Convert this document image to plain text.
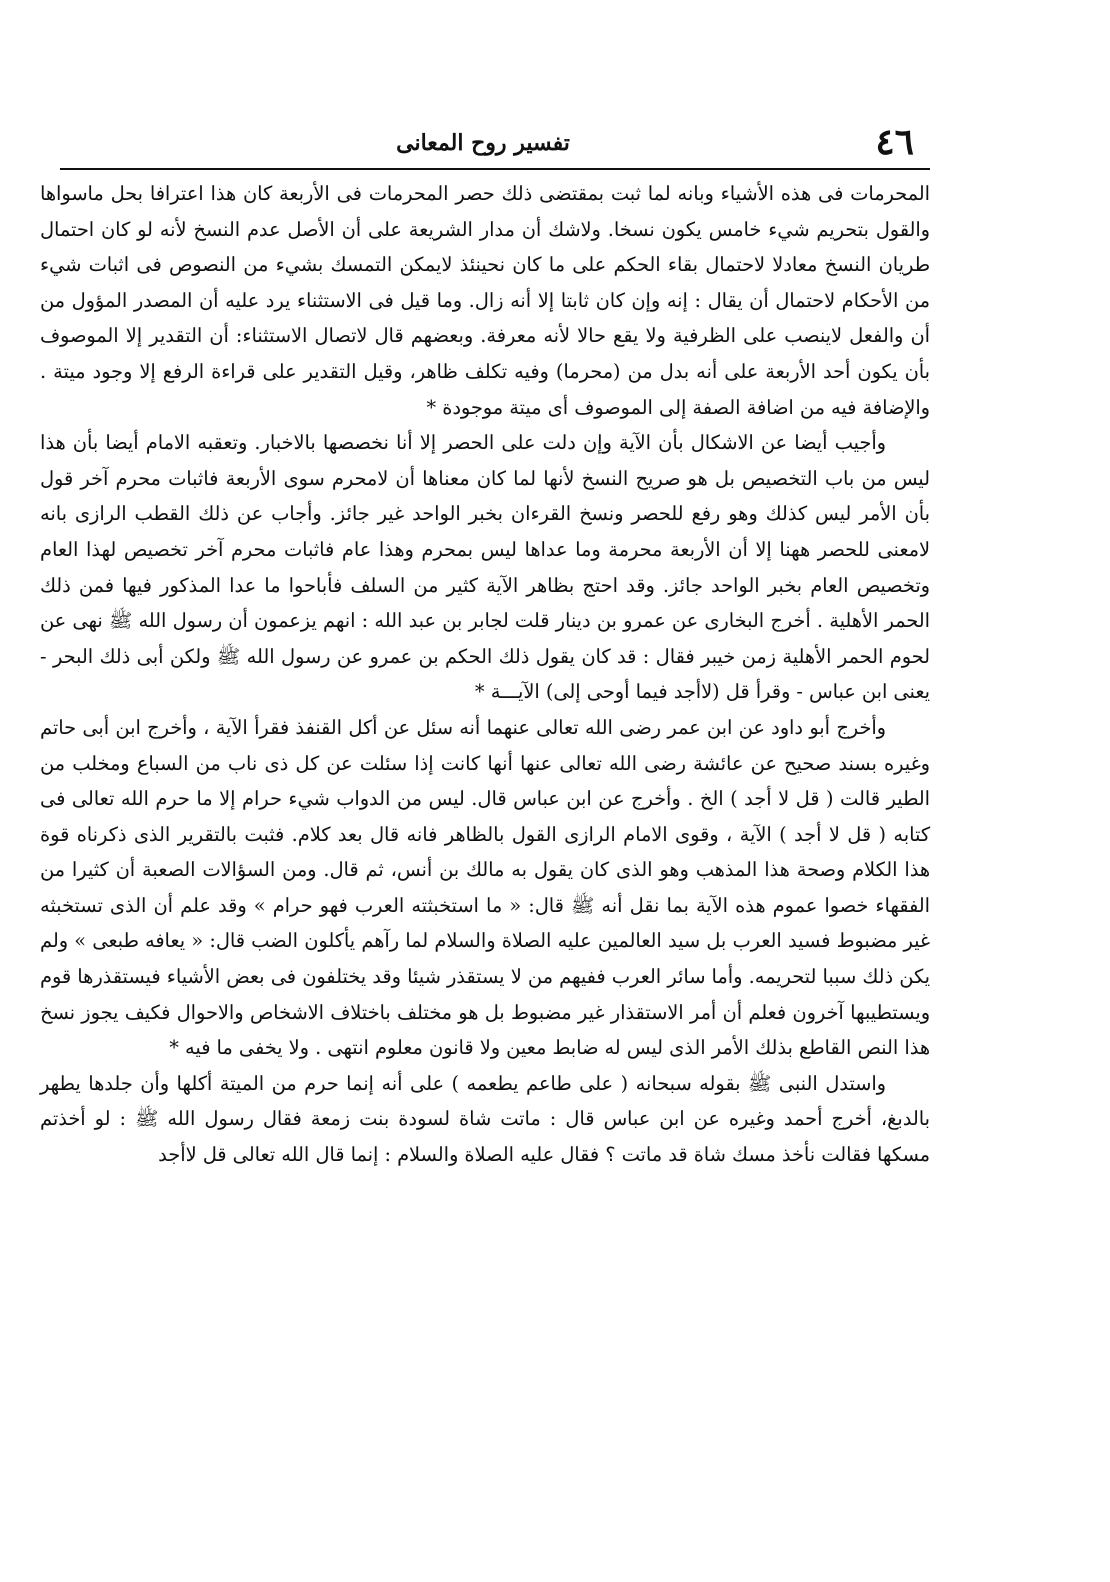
٤٦
تفسير روح المعانى

المحرمات فى هذه الأشياء وبانه لما ثبت بمقتضى ذلك حصر المحرمات فى الأربعة كان هذا اعترافا بحل ماسواها والقول بتحريم شيء خامس يكون نسخا. ولاشك أن مدار الشريعة على أن الأصل عدم النسخ لأنه لو كان احتمال طريان النسخ معادلا لاحتمال بقاء الحكم على ما كان نحينئذ لايمكن التمسك بشيء من النصوص فى اثبات شيء من الأحكام لاحتمال أن يقال : إنه وإن كان ثابتا إلا أنه زال. وما قيل فى الاستثناء يرد عليه أن المصدر المؤول من أن والفعل لاينصب على الظرفية ولا يقع حالا لأنه معرفة. وبعضهم قال لاتصال الاستثناء: أن التقدير إلا الموصوف بأن يكون أحد الأربعة على أنه بدل من (محرما) وفيه تكلف ظاهر، وقيل التقدير على قراءة الرفع إلا وجود ميتة . والإضافة فيه من اضافة الصفة إلى الموصوف أى ميتة موجودة *

وأجيب أيضا عن الاشكال بأن الآية وإن دلت على الحصر إلا أنا نخصصها بالاخبار. وتعقبه الامام أيضا بأن هذا ليس من باب التخصيص بل هو صريح النسخ لأنها لما كان معناها أن لامحرم سوى الأربعة فاثبات محرم آخر قول بأن الأمر ليس كذلك وهو رفع للحصر ونسخ القرءان بخبر الواحد غير جائز. وأجاب عن ذلك القطب الرازى بانه لامعنى للحصر ههنا إلا أن الأربعة محرمة وما عداها ليس بمحرم وهذا عام فاثبات محرم آخر تخصيص لهذا العام وتخصيص العام بخبر الواحد جائز. وقد احتج بظاهر الآية كثير من السلف فأباحوا ما عدا المذكور فيها فمن ذلك الحمر الأهلية . أخرج البخارى عن عمرو بن دينار قلت لجابر بن عبد الله : انهم يزعمون أن رسول الله ﷺ نهى عن لحوم الحمر الأهلية زمن خيبر فقال : قد كان يقول ذلك الحكم بن عمرو عن رسول الله ﷺ ولكن أبى ذلك البحر - يعنى ابن عباس - وقرأ قل (لاأجد فيما أوحى إلى) الآيـــة *

وأخرج أبو داود عن ابن عمر رضى الله تعالى عنهما أنه سئل عن أكل القنفذ فقرأ الآية ، وأخرج ابن أبى حاتم وغيره بسند صحيح عن عائشة رضى الله تعالى عنها أنها كانت إذا سئلت عن كل ذى ناب من السباع ومخلب من الطير قالت ( قل لا أجد ) الخ . وأخرج عن ابن عباس قال. ليس من الدواب شيء حرام إلا ما حرم الله تعالى فى كتابه ( قل لا أجد ) الآية ، وقوى الامام الرازى القول بالظاهر فانه قال بعد كلام. فثبت بالتقرير الذى ذكرناه قوة هذا الكلام وصحة هذا المذهب وهو الذى كان يقول به مالك بن أنس، ثم قال. ومن السؤالات الصعبة أن كثيرا من الفقهاء خصوا عموم هذه الآية بما نقل أنه ﷺ قال: « ما استخبثته العرب فهو حرام » وقد علم أن الذى تستخبثه غير مضبوط فسيد العرب بل سيد العالمين عليه الصلاة والسلام لما رآهم يأكلون الضب قال: « يعافه طبعى » ولم يكن ذلك سببا لتحريمه. وأما سائر العرب ففيهم من لا يستقذر شيئا وقد يختلفون فى بعض الأشياء فيستقذرها قوم ويستطيبها آخرون فعلم أن أمر الاستقذار غير مضبوط بل هو مختلف باختلاف الاشخاص والاحوال فكيف يجوز نسخ هذا النص القاطع بذلك الأمر الذى ليس له ضابط معين ولا قانون معلوم انتهى . ولا يخفى ما فيه *

واستدل النبى ﷺ بقوله سبحانه ( على طاعم يطعمه ) على أنه إنما حرم من الميتة أكلها وأن جلدها يطهر بالدبغ، أخرج أحمد وغيره عن ابن عباس قال : ماتت شاة لسودة بنت زمعة فقال رسول الله ﷺ : لو أخذتم مسكها فقالت نأخذ مسك شاة قد ماتت ؟ فقال عليه الصلاة والسلام : إنما قال الله تعالى قل لاأجد
